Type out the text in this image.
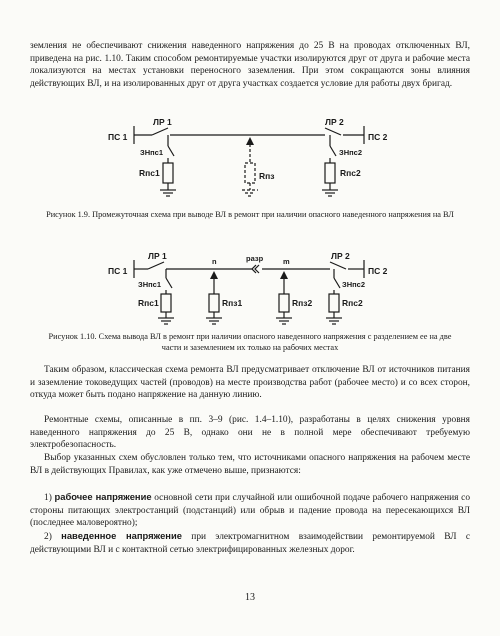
земления не обеспечивают снижения наведенного напряжения до 25 В на проводах отключенных ВЛ, приведена на рис. 1.10. Таким способом ремонтируемые участки изолируются друг от друга и рабочие места локализуются на местах установки переносного заземления. При этом сокращаются зоны влияния действующих ВЛ, и на изолированных друг от друга участках создается условие для работы двух бригад.

ПС 1	ПС 2
ЛР 1	ЛР 2
ЗНпс1	ЗНпс2
Rпс1	Rпс2
Rпз

Рисунок 1.9. Промежуточная схема при выводе ВЛ в ремонт при наличии опасного наведенного напряжения на ВЛ

ПС 1	ПС 2
ЛР 1	ЛР 2
ЗНпс1	ЗНпс2
Rпс1	Rпз1	Rпз2	Rпс2
n	m
разр

Рисунок 1.10. Схема вывода ВЛ в ремонт при наличии опасного наведенного напряжения с разделением ее на две части и заземлением их только на рабочих местах

Таким образом, классическая схема ремонта ВЛ предусматривает отключение ВЛ от источников питания и заземление токоведущих частей (проводов) на месте производства работ (рабочее место) и со всех сторон, откуда может быть подано напряжение на данную линию.

Ремонтные схемы, описанные в пп. 3–9 (рис. 1.4–1.10), разработаны в целях снижения уровня наведенного напряжения до 25 В, однако они не в полной мере обеспечивают требуемую электробезопасность.

Выбор указанных схем обусловлен только тем, что источниками опасного напряжения на рабочем месте ВЛ в действующих Правилах, как уже отмечено выше, признаются:

1) рабочее напряжение основной сети при случайной или ошибочной подаче рабочего напряжения со стороны питающих электростанций (подстанций) или обрыв и падение провода на пересекающихся ВЛ (последнее маловероятно);

2) наведенное напряжение при электромагнитном взаимодействии ремонтируемой ВЛ с действующими ВЛ и с контактной сетью электрифицированных железных дорог.

13
